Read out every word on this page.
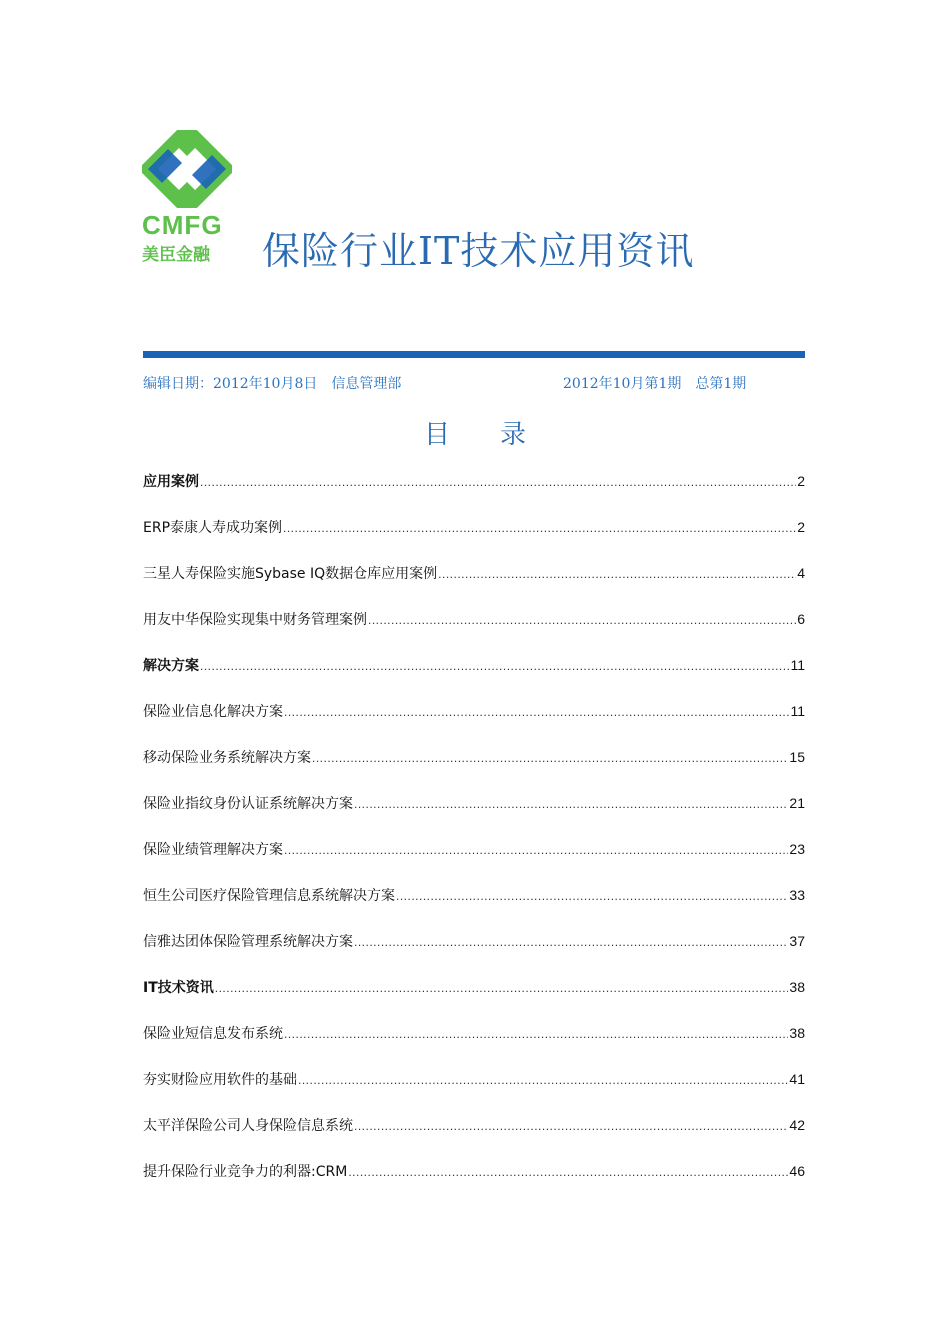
CMFG
美臣金融	保险行业IT技术应用资讯
编辑日期：2012年10月8日　信息管理部	2012年10月第1期　总第1期
目录
应用案例 .....	2
ERP泰康人寿成功案例 .....	2
三星人寿保险实施Sybase IQ数据仓库应用案例 .....	4
用友中华保险实现集中财务管理案例 .....	6
解决方案 .....	11
保险业信息化解决方案 .....	11
移动保险业务系统解决方案 .....	15
保险业指纹身份认证系统解决方案 .....	21
保险业绩管理解决方案 .....	23
恒生公司医疗保险管理信息系统解决方案 .....	33
信雅达团体保险管理系统解决方案 .....	37
IT技术资讯 .....	38
保险业短信息发布系统 .....	38
夯实财险应用软件的基础 .....	41
太平洋保险公司人身保险信息系统 .....	42
提升保险行业竞争力的利器:CRM .....	46
